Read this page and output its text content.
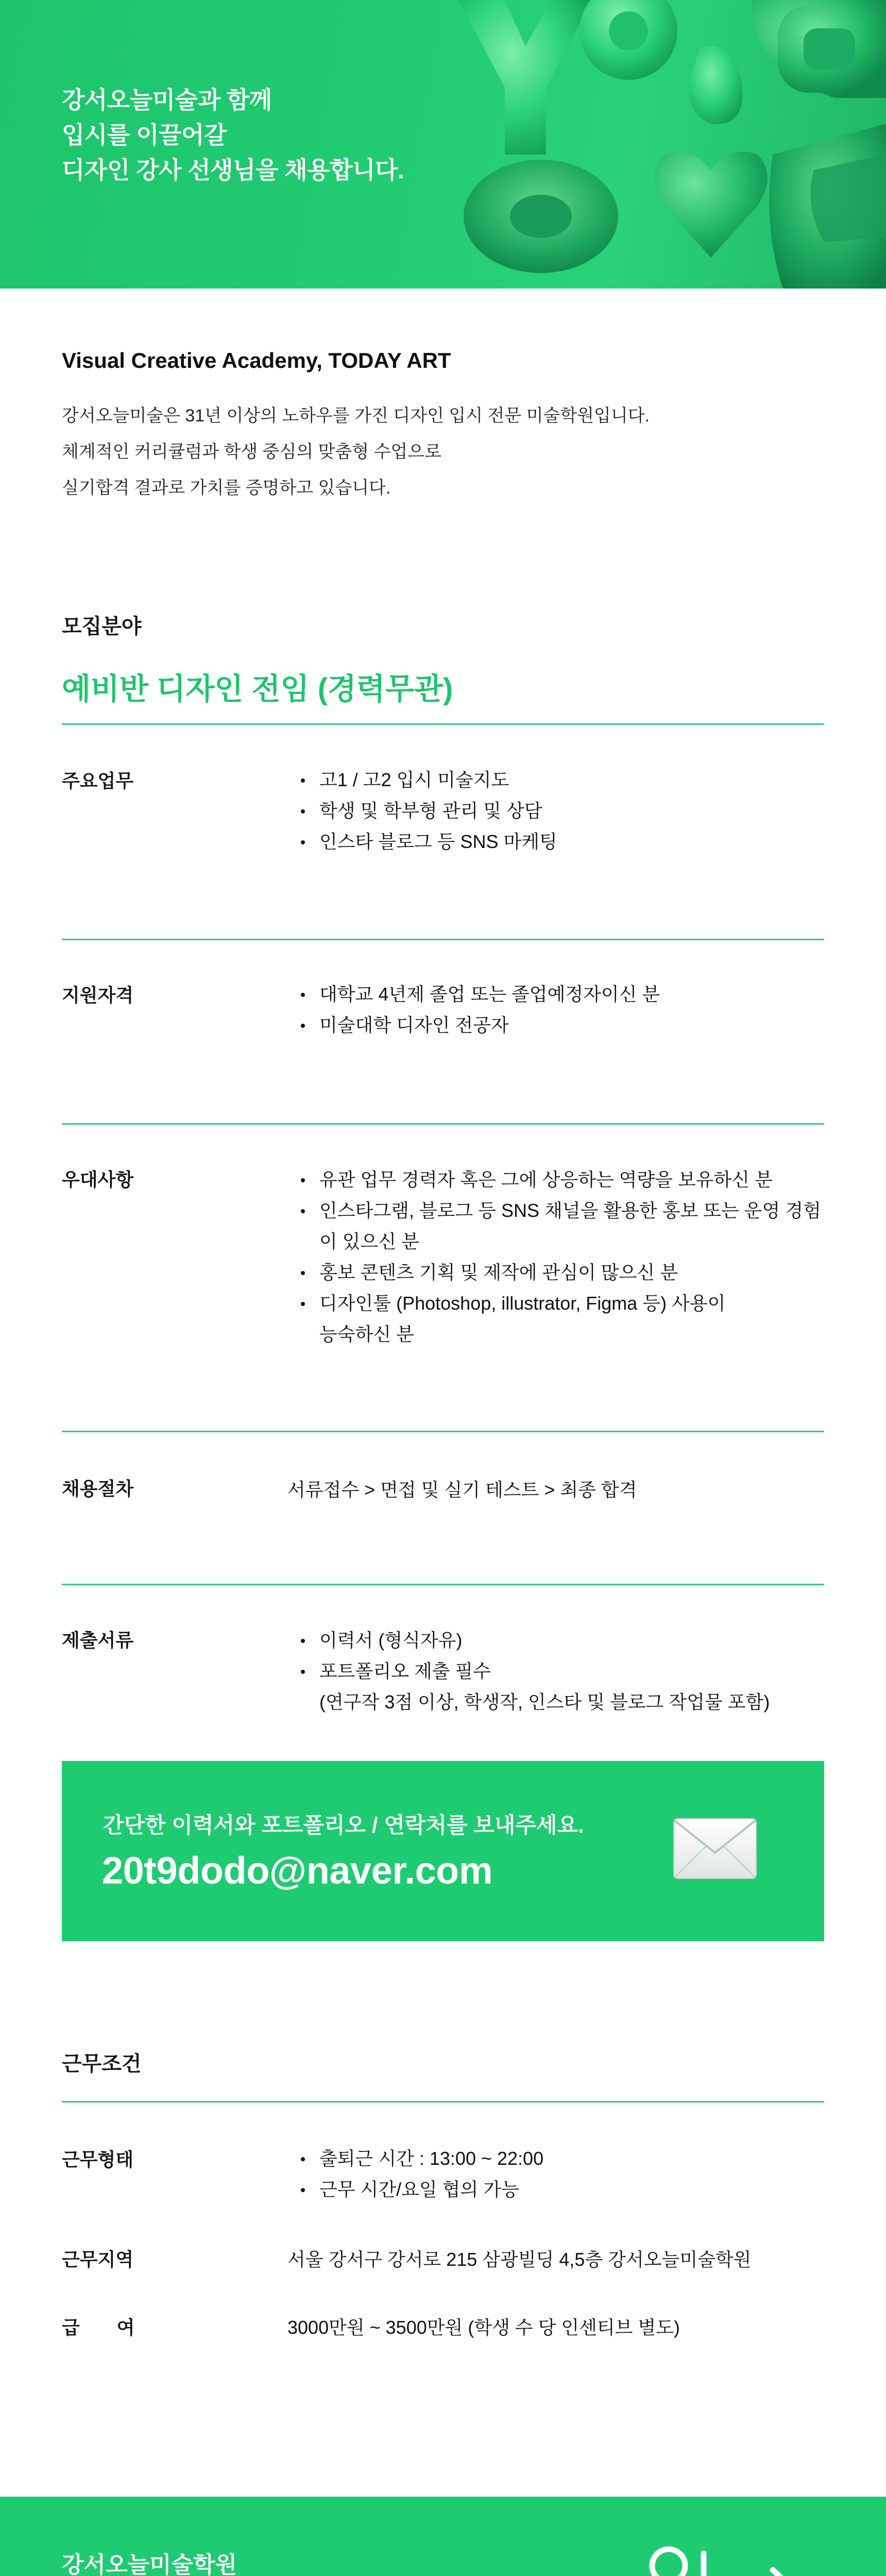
강서오늘미술과 함께
입시를 이끌어갈
디자인 강사 선생님을 채용합니다.
Visual Creative Academy, TODAY ART
강서오늘미술은 31년 이상의 노하우를 가진 디자인 입시 전문 미술학원입니다.
체계적인 커리큘럼과 학생 중심의 맞춤형 수업으로
실기합격 결과로 가치를 증명하고 있습니다.
모집분야
예비반 디자인 전임 (경력무관)
주요업무	고1 / 고2 입시 미술지도
학생 및 학부형 관리 및 상담
인스타 블로그 등 SNS 마케팅
지원자격	대학교 4년제 졸업 또는 졸업예정자이신 분
미술대학 디자인 전공자
우대사항	유관 업무 경력자 혹은 그에 상응하는 역량을 보유하신 분
인스타그램, 블로그 등 SNS 채널을 활용한 홍보 또는 운영 경험
이 있으신 분
홍보 콘텐츠 기획 및 제작에 관심이 많으신 분
디자인툴 (Photoshop, illustrator, Figma 등) 사용이
능숙하신 분
채용절차	서류접수 > 면접 및 실기 테스트 > 최종 합격
제출서류	이력서 (형식자유)
포트폴리오 제출 필수
(연구작 3점 이상, 학생작, 인스타 및 블로그 작업물 포함)
간단한 이력서와 포트폴리오 / 연락처를 보내주세요.
20t9dodo@naver.com
근무조건
근무형태	출퇴근 시간 : 13:00 ~ 22:00
근무 시간/요일 협의 가능
근무지역	서울 강서구 강서로 215 삼광빌딩 4,5층 강서오늘미술학원
급　　여	3000만원 ~ 3500만원 (학생 수 당 인센티브 별도)
강서오늘미술학원
